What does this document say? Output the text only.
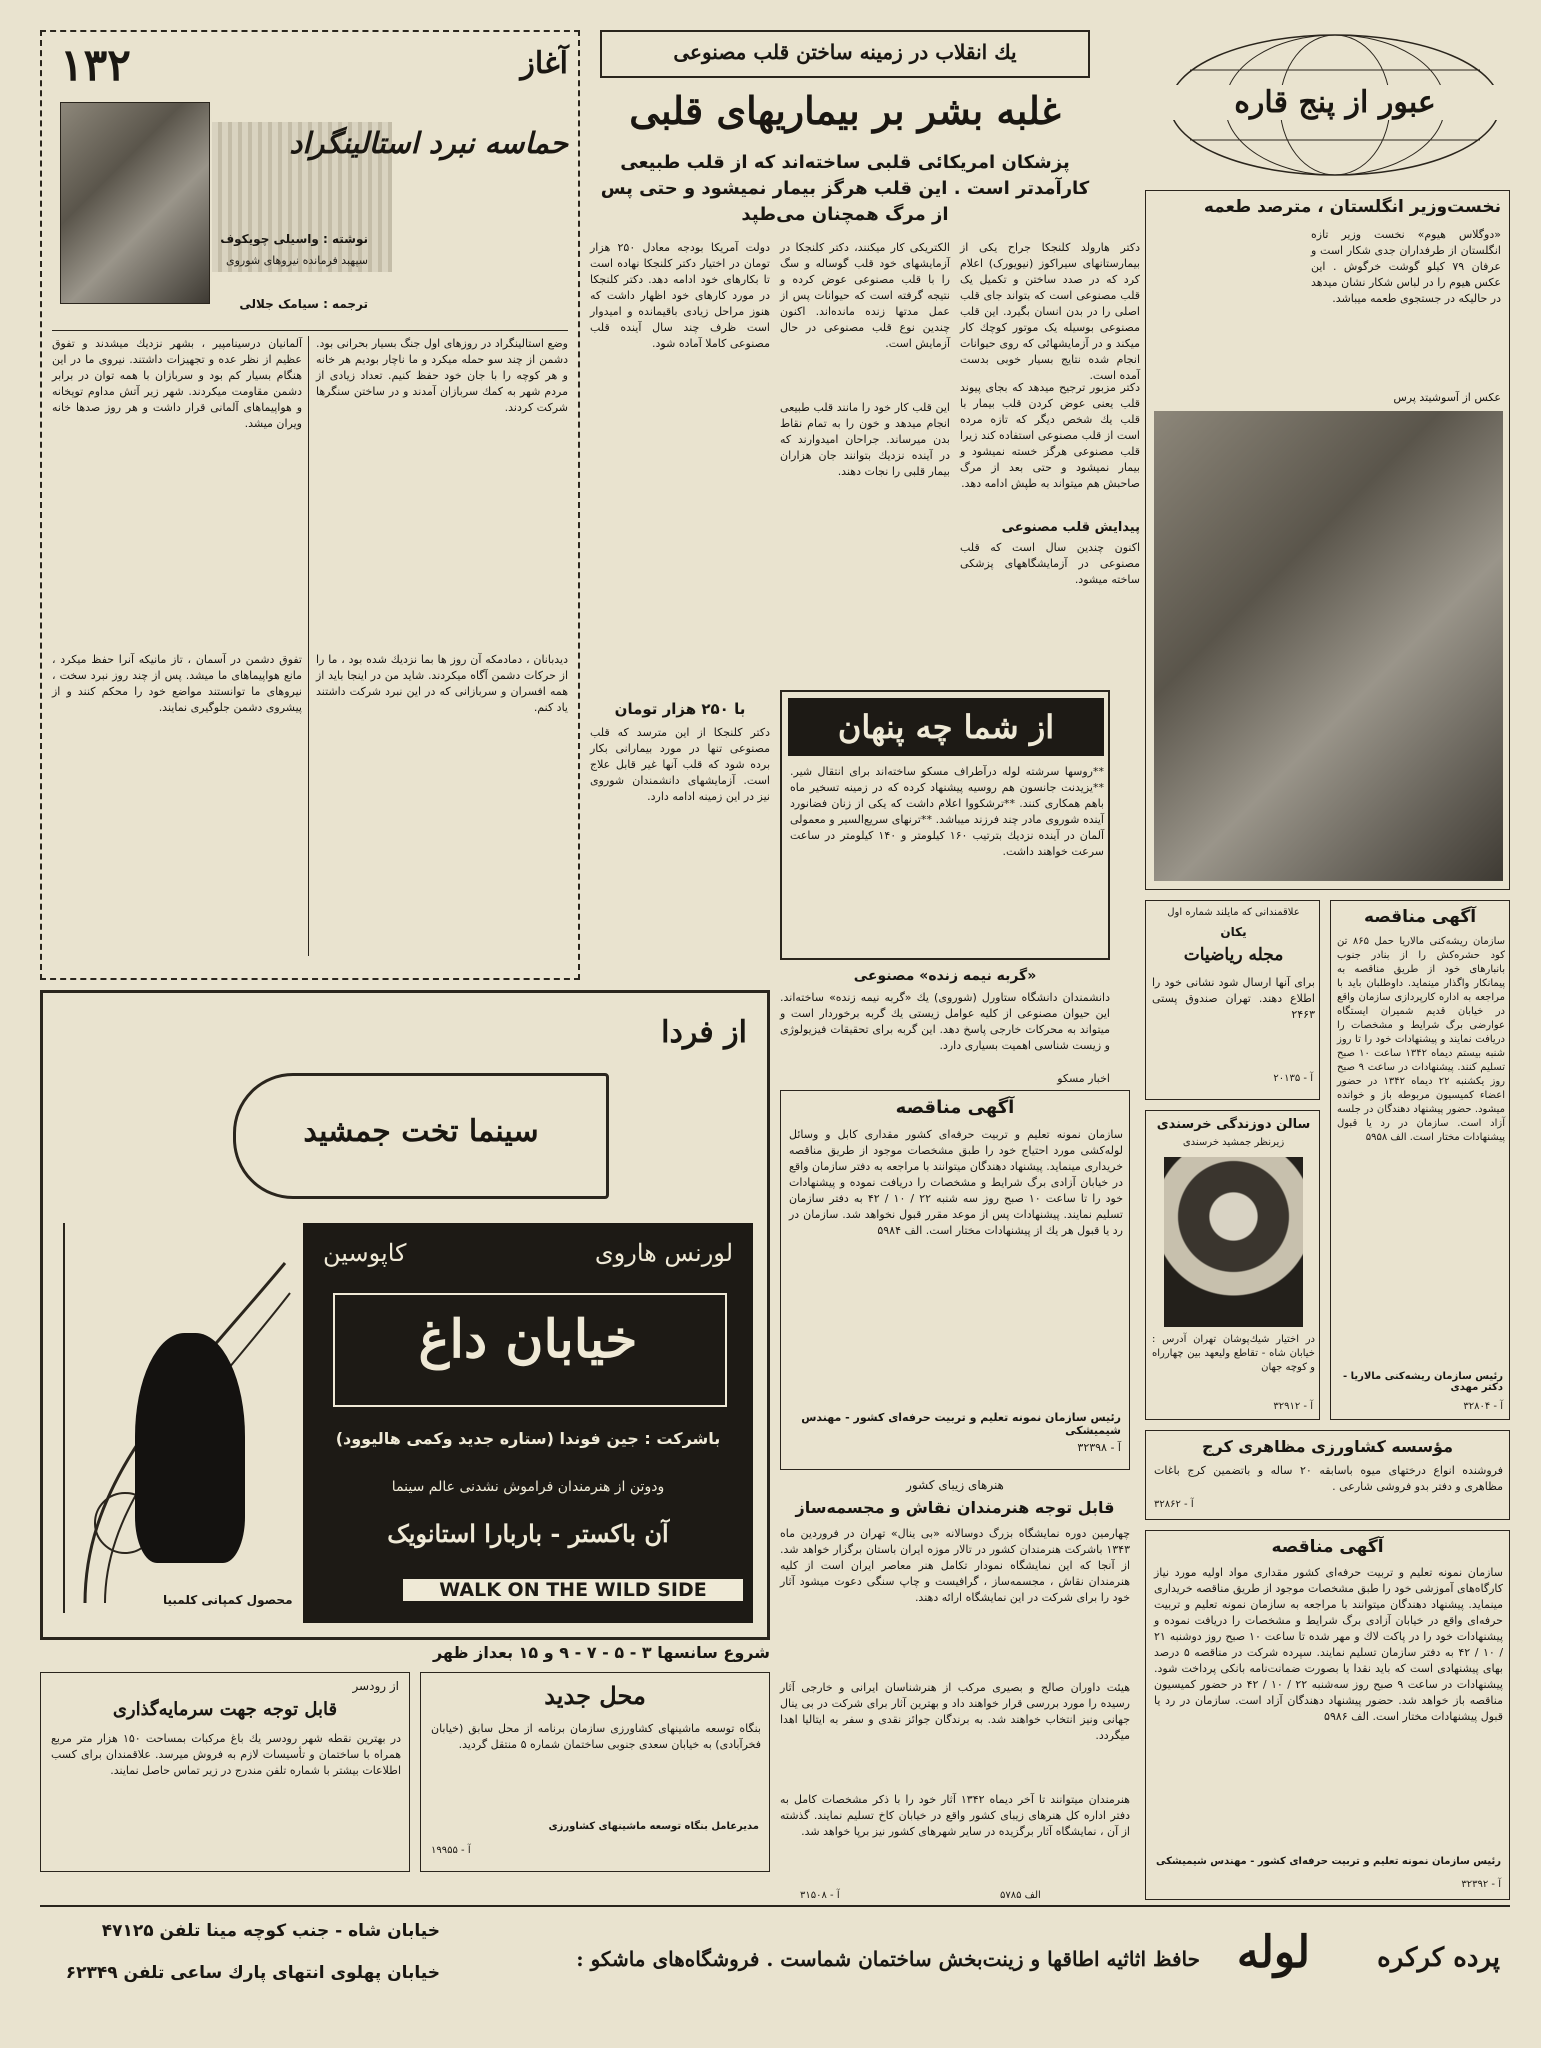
۱۳۲	آغاز
حماسه نبرد استالینگراد
نوشته : واسیلی چویکوف
سپهبد فرمانده نیروهای شوروی
ترجمه : سیامک جلالی
آلمانیان درسینامپیر ، بشهر نزدیك میشدند و تفوق عظیم از نظر عده و تجهیزات داشتند. نیروی ما در این هنگام بسیار کم بود و سربازان با همه توان در برابر دشمن مقاومت میکردند. شهر زیر آتش مداوم توپخانه و هواپیماهای آلمانی قرار داشت و هر روز صدها خانه ویران میشد.
وضع استالینگراد در روزهای اول جنگ بسیار بحرانی بود. دشمن از چند سو حمله میکرد و ما ناچار بودیم هر خانه و هر کوچه را با جان خود حفظ کنیم. تعداد زیادی از مردم شهر به کمك سربازان آمدند و در ساختن سنگرها شرکت کردند.
تفوق دشمن در آسمان ، تاز مانیکه آنرا حفظ میکرد ، مانع هواپیماهای ما میشد. پس از چند روز نبرد سخت ، نیروهای ما توانستند مواضع خود را محکم کنند و از پیشروی دشمن جلوگیری نمایند.
دیدبانان ، دمادمکه آن روز ها بما نزدیك شده بود ، ما را از حرکات دشمن آگاه میکردند. شاید من در اینجا باید از همه افسران و سربازانی که در این نبرد شرکت داشتند یاد کنم.
یك انقلاب در زمینه ساختن قلب مصنوعی
غلبه بشر بر بیماریهای قلبی
پزشکان امریکائی قلبی ساخته‌اند که از قلب طبیعی کارآمدتر است . این قلب هرگز بیمار نمیشود و حتی پس از مرگ همچنان می‌طپد
دکتر هارولد کلنجکا جراح یکی از بیمارستانهای سیراکوز (نیویورک) اعلام کرد که در صدد ساختن و تکمیل یک قلب مصنوعی است که بتواند جای قلب اصلی را در بدن انسان بگیرد. این قلب مصنوعی بوسیله یک موتور کوچك کار میکند و در آزمایشهائی که روی حیوانات انجام شده نتایج بسیار خوبی بدست آمده است.
دکتر مزبور ترجیح میدهد که بجای پیوند قلب یعنی عوض کردن قلب بیمار با قلب یك شخص دیگر که تازه مرده است از قلب مصنوعی استفاده کند زیرا قلب مصنوعی هرگز خسته نمیشود و بیمار نمیشود و حتی بعد از مرگ صاحبش هم میتواند به طپش ادامه دهد.
پیدایش قلب مصنوعی
اکنون چندین سال است که قلب مصنوعی در آزمایشگاههای پزشکی ساخته میشود.
الکتریکی کار میکنند، دکتر کلنجکا در آزمایشهای خود قلب گوساله و سگ را با قلب مصنوعی عوض کرده و نتیجه گرفته است که حیوانات پس از عمل مدتها زنده مانده‌اند. اکنون چندین نوع قلب مصنوعی در حال آزمایش است.
این قلب کار خود را مانند قلب طبیعی انجام میدهد و خون را به تمام نقاط بدن میرساند. جراحان امیدوارند که در آینده نزدیك بتوانند جان هزاران بیمار قلبی را نجات دهند.
دولت آمریکا بودجه معادل ۲۵۰ هزار تومان در اختیار دکتر کلنجکا نهاده است تا بکارهای خود ادامه دهد. دکتر کلنجکا در مورد کارهای خود اظهار داشت که هنوز مراحل زیادی باقیمانده و امیدوار است ظرف چند سال آینده قلب مصنوعی کاملا آماده شود.
با ۲۵۰ هزار تومان
دکتر کلنجکا از این مترسد که قلب مصنوعی تنها در مورد بیمارانی بکار برده شود که قلب آنها غیر قابل علاج است. آزمایشهای دانشمندان شوروی نیز در این زمینه ادامه دارد.
عبور از پنج قاره
نخست‌وزیر انگلستان ، مترصد طعمه
«دوگلاس هیوم» نخست وزیر تازه انگلستان از طرفداران جدی شکار است و عرفان ۷۹ کیلو گوشت خرگوش . این عکس هیوم را در لباس شکار نشان میدهد در حالیکه در جستجوی طعمه میباشد.
عکس از آسوشیتد پرس
از شما چه پنهان
**روسها سرشته لوله درآطراف مسکو ساخته‌اند برای انتقال شیر. **یزیدنت جانسون هم روسیه پیشنهاد کرده که در زمینه تسخیر ماه باهم همکاری کنند. **ترشکووا اعلام داشت که یکی از زنان فضانورد آینده شوروی مادر چند فرزند میباشد. **ترنهای سریع‌السیر و معمولی آلمان در آینده نزدیك بترتیب ۱۶۰ کیلومتر و ۱۴۰ کیلومتر در ساعت سرعت خواهند داشت.
«گربه نیمه زنده» مصنوعی
دانشمندان دانشگاه ستاورل (شوروی) یك «گربه نیمه زنده» ساخته‌اند. این حیوان مصنوعی از کلیه عوامل زیستی یك گربه برخوردار است و میتواند به محرکات خارجی پاسخ دهد. این گربه برای تحقیقات فیزیولوژی و زیست شناسی اهمیت بسیاری دارد.
اخبار مسکو
آگهی مناقصه
سازمان نمونه تعلیم و تربیت حرفه‌ای کشور مقداری کابل و وسائل لوله‌کشی مورد احتیاج خود را طبق مشخصات موجود از طریق مناقصه خریداری مینماید. پیشنهاد دهندگان میتوانند با مراجعه به دفتر سازمان واقع در خیابان آزادی برگ شرایط و مشخصات را دریافت نموده و پیشنهادات خود را تا ساعت ۱۰ صبح روز سه شنبه ۲۲ / ۱۰ / ۴۲ به دفتر سازمان تسلیم نمایند. پیشنهادات پس از موعد مقرر قبول نخواهد شد. سازمان در رد یا قبول هر یك از پیشنهادات مختار است. الف ۵۹۸۴
رئیس سازمان نمونه تعلیم و تربیت حرفه‌ای کشور - مهندس شیمیشکی
آ - ۳۲۳۹۸
علاقمندانی که مایلند شماره اول
یکان
مجله ریاضیات
برای آنها ارسال شود نشانی خود را اطلاع دهند. تهران صندوق پستی ۲۴۶۳
آ - ۲۰۱۳۵
سالن دوزندگی خرسندی
زیرنظر جمشید خرسندی
در اختیار شیك‌پوشان تهران آدرس : خیابان شاه - تقاطع ولیعهد بین چهارراه و کوچه جهان
آ - ۳۲۹۱۲
آگهی مناقصه
سازمان ریشه‌کنی مالاریا حمل ۸۶۵ تن کود حشره‌کش را از بنادر جنوب بانبارهای خود از طریق مناقصه به پیمانکار واگذار مینماید. داوطلبان باید با مراجعه به اداره کارپردازی سازمان واقع در خیابان قدیم شمیران ایستگاه عوارضی برگ شرایط و مشخصات را دریافت نمایند و پیشنهادات خود را تا روز شنبه بیستم دیماه ۱۳۴۲ ساعت ۱۰ صبح تسلیم کنند. پیشنهادات در ساعت ۹ صبح روز یکشنبه ۲۲ دیماه ۱۳۴۲ در حضور اعضاء کمیسیون مربوطه باز و خوانده میشود. حضور پیشنهاد دهندگان در جلسه آزاد است. سازمان در رد یا قبول پیشنهادات مختار است. الف ۵۹۵۸
رئیس سازمان ریشه‌کنی مالاریا - دکتر مهدی
آ - ۳۲۸۰۴
هنرهای زیبای کشور
قابل توجه هنرمندان نقاش و مجسمه‌ساز
چهارمین دوره نمایشگاه بزرگ دوسالانه «بی ینال» تهران در فروردین ماه ۱۳۴۳ باشرکت هنرمندان کشور در تالار موزه ایران باستان برگزار خواهد شد. از آنجا که این نمایشگاه نمودار تکامل هنر معاصر ایران است از کلیه هنرمندان نقاش ، مجسمه‌ساز ، گرافیست و چاپ سنگی دعوت میشود آثار خود را برای شرکت در این نمایشگاه ارائه دهند.
هیئت داوران صالح و بصیری مرکب از هنرشناسان ایرانی و خارجی آثار رسیده را مورد بررسی قرار خواهند داد و بهترین آثار برای شرکت در بی ینال جهانی ونیز انتخاب خواهند شد. به برندگان جوائز نقدی و سفر به ایتالیا اهدا میگردد.
هنرمندان میتوانند تا آخر دیماه ۱۳۴۲ آثار خود را با ذکر مشخصات کامل به دفتر اداره کل هنرهای زیبای کشور واقع در خیابان کاخ تسلیم نمایند. گذشته از آن ، نمایشگاه آثار برگزیده در سایر شهرهای کشور نیز برپا خواهد شد.
آ - ۳۱۵۰۸	الف ۵۷۸۵
مؤسسه کشاورزی مظاهری کرج
فروشنده انواع درختهای میوه باسابقه ۲۰ ساله و باتضمین کرج باغات مظاهری و دفتر بدو فروشی شارعی .
آ - ۳۲۸۶۲
آگهی مناقصه
سازمان نمونه تعلیم و تربیت حرفه‌ای کشور مقداری مواد اولیه مورد نیاز کارگاه‌های آموزشی خود را طبق مشخصات موجود از طریق مناقصه خریداری مینماید. پیشنهاد دهندگان میتوانند با مراجعه به سازمان نمونه تعلیم و تربیت حرفه‌ای واقع در خیابان آزادی برگ شرایط و مشخصات را دریافت نموده و پیشنهادات خود را در پاکت لاك و مهر شده تا ساعت ۱۰ صبح روز دوشنبه ۲۱ / ۱۰ / ۴۲ به دفتر سازمان تسلیم نمایند. سپرده شرکت در مناقصه ۵ درصد بهای پیشنهادی است که باید نقدا یا بصورت ضمانت‌نامه بانکی پرداخت شود. پیشنهادات در ساعت ۹ صبح روز سه‌شنبه ۲۲ / ۱۰ / ۴۲ در حضور کمیسیون مناقصه باز خواهد شد. حضور پیشنهاد دهندگان آزاد است. سازمان در رد یا قبول پیشنهادات مختار است. الف ۵۹۸۶
رئیس سازمان نمونه تعلیم و تربیت حرفه‌ای کشور - مهندس شیمیشکی
آ - ۳۲۳۹۲
از فردا
سینما تخت جمشید
لورنس هاروی
کاپوسین
خیابان داغ
باشرکت : جین فوندا (ستاره جدید وکمی هالیوود)
ودوتن از هنرمندان فراموش نشدنی عالم سینما
آن باکستر - باربارا استانویک
WALK ON THE WILD SIDE
محصول کمپانی کلمبیا
شروع سانسها ۳ - ۵ - ۷ - ۹ و ۱۵ بعداز ظهر
از رودسر
قابل توجه جهت سرمایه‌گذاری
در بهترین نقطه شهر رودسر یك باغ مرکبات بمساحت ۱۵۰ هزار متر مربع همراه با ساختمان و تأسیسات لازم به فروش میرسد. علاقمندان برای کسب اطلاعات بیشتر با شماره تلفن مندرج در زیر تماس حاصل نمایند.
محل جدید
بنگاه توسعه ماشینهای کشاورزی سازمان برنامه از محل سابق (خیابان فخرآبادی) به خیابان سعدی جنوبی ساختمان شماره ۵ منتقل گردید.
مدیرعامل بنگاه توسعه ماشینهای کشاورزی
آ - ۱۹۹۵۵
پرده کرکره
لوله
حافظ اثاثیه اطاقها و زینت‌بخش ساختمان شماست . فروشگاه‌های ماشکو :
خیابان شاه - جنب کوچه مینا تلفن ۴۷۱۲۵
خیابان پهلوی انتهای پارك ساعی تلفن ۶۲۳۴۹
